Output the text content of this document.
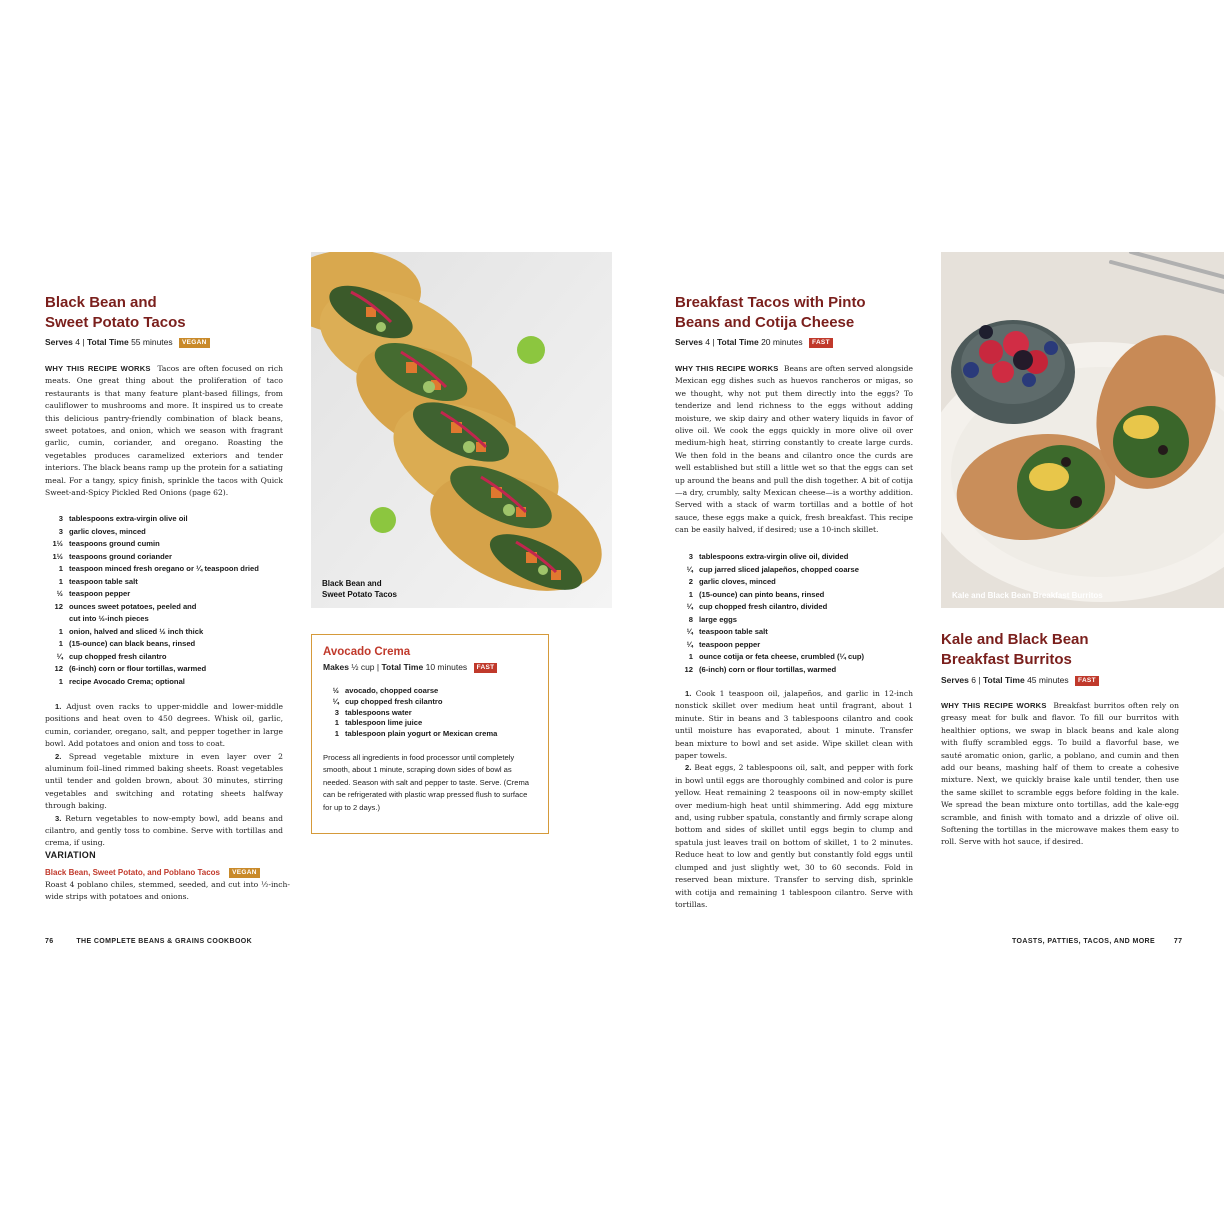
Black Bean and
Sweet Potato Tacos
Serves 4 | Total Time 55 minutes VEGAN
WHY THIS RECIPE WORKS Tacos are often focused on rich meats. One great thing about the proliferation of taco restaurants is that many feature plant-based fillings, from cauliflower to mushrooms and more. It inspired us to create this delicious pantry-friendly combination of black beans, sweet potatoes, and onion, which we season with fragrant garlic, cumin, coriander, and oregano. Roasting the vegetables produces caramelized exteriors and tender interiors. The black beans ramp up the protein for a satiating meal. For a tangy, spicy finish, sprinkle the tacos with Quick Sweet-and-Spicy Pickled Red Onions (page 62).
3 tablespoons extra-virgin olive oil
3 garlic cloves, minced
1½ teaspoons ground cumin
1½ teaspoons ground coriander
1 teaspoon minced fresh oregano or ¼ teaspoon dried
1 teaspoon table salt
½ teaspoon pepper
12 ounces sweet potatoes, peeled and
cut into ½-inch pieces
1 onion, halved and sliced ½ inch thick
1 (15-ounce) can black beans, rinsed
¼ cup chopped fresh cilantro
12 (6-inch) corn or flour tortillas, warmed
1 recipe Avocado Crema; optional

1. Adjust oven racks to upper-middle and lower-middle positions and heat oven to 450 degrees. Whisk oil, garlic, cumin, coriander, oregano, salt, and pepper together in large bowl. Add potatoes and onion and toss to coat.

2. Spread vegetable mixture in even layer over 2 aluminum foil–lined rimmed baking sheets. Roast vegetables until tender and golden brown, about 30 minutes, stirring vegetables and switching and rotating sheets halfway through baking.

3. Return vegetables to now-empty bowl, add beans and cilantro, and gently toss to combine. Serve with tortillas and crema, if using.

VARIATION
Black Bean, Sweet Potato, and Poblano Tacos VEGAN
Roast 4 poblano chiles, stemmed, seeded, and cut into ½-inch-wide strips with potatoes and onions.
Black Bean and
Sweet Potato Tacos
Avocado Crema
Makes ½ cup | Total Time 10 minutes FAST
½ avocado, chopped coarse
¼ cup chopped fresh cilantro
3 tablespoons water
1 tablespoon lime juice
1 tablespoon plain yogurt or Mexican crema
Process all ingredients in food processor until completely smooth, about 1 minute, scraping down sides of bowl as needed. Season with salt and pepper to taste. Serve. (Crema can be refrigerated with plastic wrap pressed flush to surface for up to 2 days.)
76	THE COMPLETE BEANS & GRAINS COOKBOOK
Breakfast Tacos with Pinto
Beans and Cotija Cheese
Serves 4 | Total Time 20 minutes FAST
WHY THIS RECIPE WORKS Beans are often served alongside Mexican egg dishes such as huevos rancheros or migas, so we thought, why not put them directly into the eggs? To tenderize and lend richness to the eggs without adding moisture, we skip dairy and other watery liquids in favor of olive oil. We cook the eggs quickly in more olive oil over medium-high heat, stirring constantly to create large curds. We then fold in the beans and cilantro once the curds are well established but still a little wet so that the eggs can set up around the beans and pull the dish together. A bit of cotija—a dry, crumbly, salty Mexican cheese—is a worthy addition. Served with a stack of warm tortillas and a bottle of hot sauce, these eggs make a quick, fresh breakfast. This recipe can be easily halved, if desired; use a 10-inch skillet.
3 tablespoons extra-virgin olive oil, divided
¼ cup jarred sliced jalapeños, chopped coarse
2 garlic cloves, minced
1 (15-ounce) can pinto beans, rinsed
¼ cup chopped fresh cilantro, divided
8 large eggs
¼ teaspoon table salt
¼ teaspoon pepper
1 ounce cotija or feta cheese, crumbled (¼ cup)
12 (6-inch) corn or flour tortillas, warmed

1. Cook 1 teaspoon oil, jalapeños, and garlic in 12-inch nonstick skillet over medium heat until fragrant, about 1 minute. Stir in beans and 3 tablespoons cilantro and cook until moisture has evaporated, about 1 minute. Transfer bean mixture to bowl and set aside. Wipe skillet clean with paper towels.

2. Beat eggs, 2 tablespoons oil, salt, and pepper with fork in bowl until eggs are thoroughly combined and color is pure yellow. Heat remaining 2 teaspoons oil in now-empty skillet over medium-high heat until shimmering. Add egg mixture and, using rubber spatula, constantly and firmly scrape along bottom and sides of skillet until eggs begin to clump and spatula just leaves trail on bottom of skillet, 1 to 2 minutes. Reduce heat to low and gently but constantly fold eggs until clumped and just slightly wet, 30 to 60 seconds. Fold in reserved bean mixture. Transfer to serving dish, sprinkle with cotija and remaining 1 tablespoon cilantro. Serve with tortillas.

Kale and Black Bean Breakfast Burritos
Kale and Black Bean
Breakfast Burritos
Serves 6 | Total Time 45 minutes FAST
WHY THIS RECIPE WORKS Breakfast burritos often rely on greasy meat for bulk and flavor. To fill our burritos with healthier options, we swap in black beans and kale along with fluffy scrambled eggs. To build a flavorful base, we sauté aromatic onion, garlic, a poblano, and cumin and then add our beans, mashing half of them to create a cohesive mixture. Next, we quickly braise kale until tender, then use the same skillet to scramble eggs before folding in the kale. We spread the bean mixture onto tortillas, add the kale-egg scramble, and finish with tomato and a drizzle of olive oil. Softening the tortillas in the microwave makes them easy to roll. Serve with hot sauce, if desired.
TOASTS, PATTIES, TACOS, AND MORE	77
